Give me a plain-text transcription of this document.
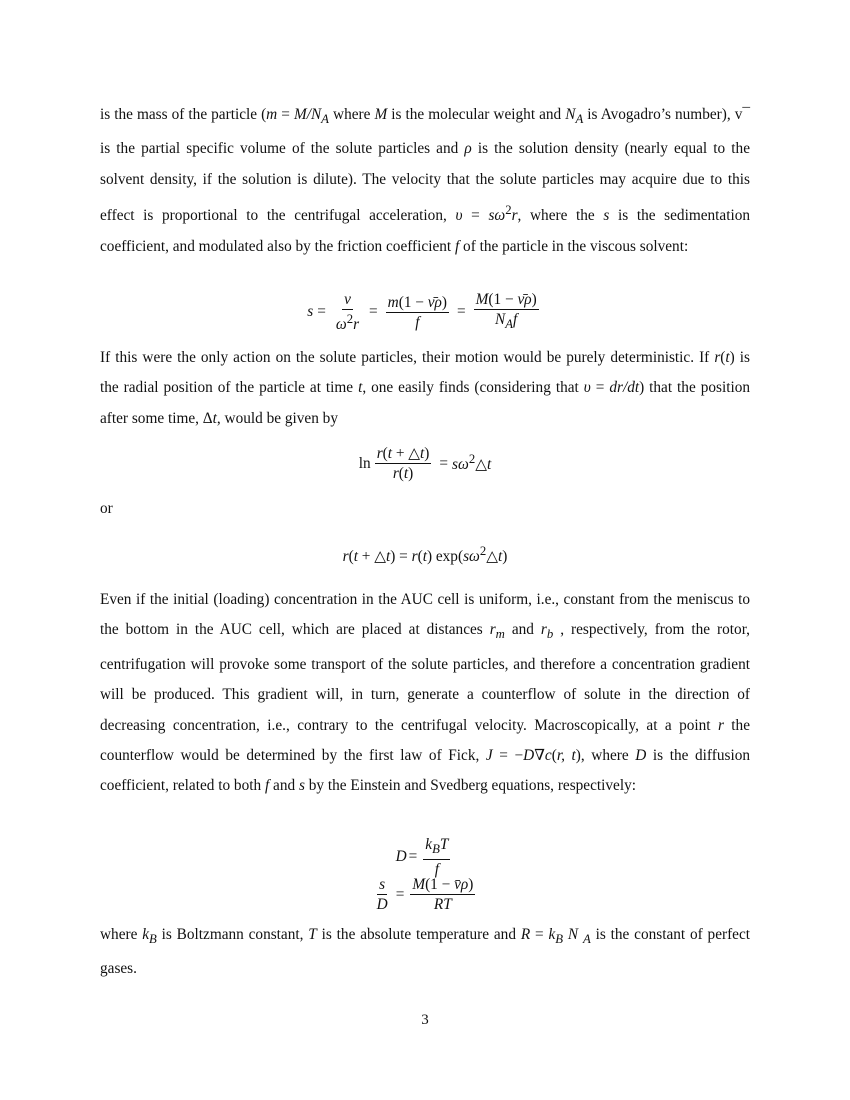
is the mass of the particle ($m = M/N_A$ where M is the molecular weight and $N_A$ is Avogadro’s number), v¯ is the partial specific volume of the solute particles and ρ is the solution density (nearly equal to the solvent density, if the solution is dilute). The velocity that the solute particles may acquire due to this effect is proportional to the centrifugal acceleration, $\upsilon = s\omega^2r$, where the s is the sedimentation coefficient, and modulated also by the friction coefficient f of the particle in the viscous solvent:
$s = \frac{\nu}{\omega^2r} = \frac{m(1 - \nū\rho)}{f} = \frac{M(1 - \nū\rho)}{N_Af}$
If this were the only action on the solute particles, their motion would be purely deterministic. If r(t) is the radial position of the particle at time t, one easily finds (considering that υ = dr/dt) that the position after some time, Δt, would be given by
$\ln \frac{r(t + \triangle t)}{r(t)}$ = $s\omega^2\triangle t$
or
r(t + △t) = r(t) $\exp(s\omega^2\triangle t)$
Even if the initial (loading) concentration in the AUC cell is uniform, i.e., constant from the meniscus to the bottom in the AUC cell, which are placed at distances $r_m$ and $r_b$ , respectively, from the rotor, centrifugation will provoke some transport of the solute particles, and therefore a concentration gradient will be produced. This gradient will, in turn, generate a counterflow of solute in the direction of decreasing concentration, i.e., contrary to the centrifugal velocity. Macroscopically, at a point r the counterflow would be determined by the first law of Fick, J = −D∇c(r, t), where D is the diffusion coefficient, related to both f and s by the Einstein and Svedberg equations, respectively:
$D = \frac{k_BT}{f}$
$\frac{s}{D} = \frac{M(1 - v̄\rho)}{RT}$
where $k_B$ is Boltzmann constant, T is the absolute temperature and $R = k_B$ N $_A$ is the constant of perfect gases.
3
